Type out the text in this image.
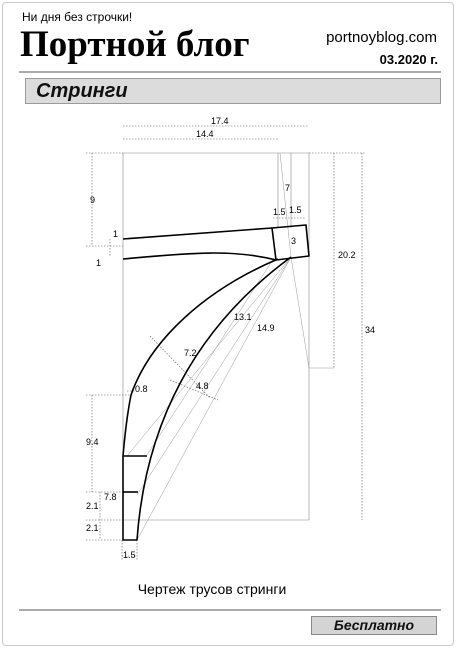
Ни дня без строчки!
Портной блог	portnoyblog.com
03.2020 г.
Стринги
17.4
14.4
9
7
1.5 1.5
1
1
3
20.2
13.1
14.9	34
7.2
0.8	4.8
9.4
7.8
2.1
2.1
1.5
Чертеж трусов стринги
Бесплатно
